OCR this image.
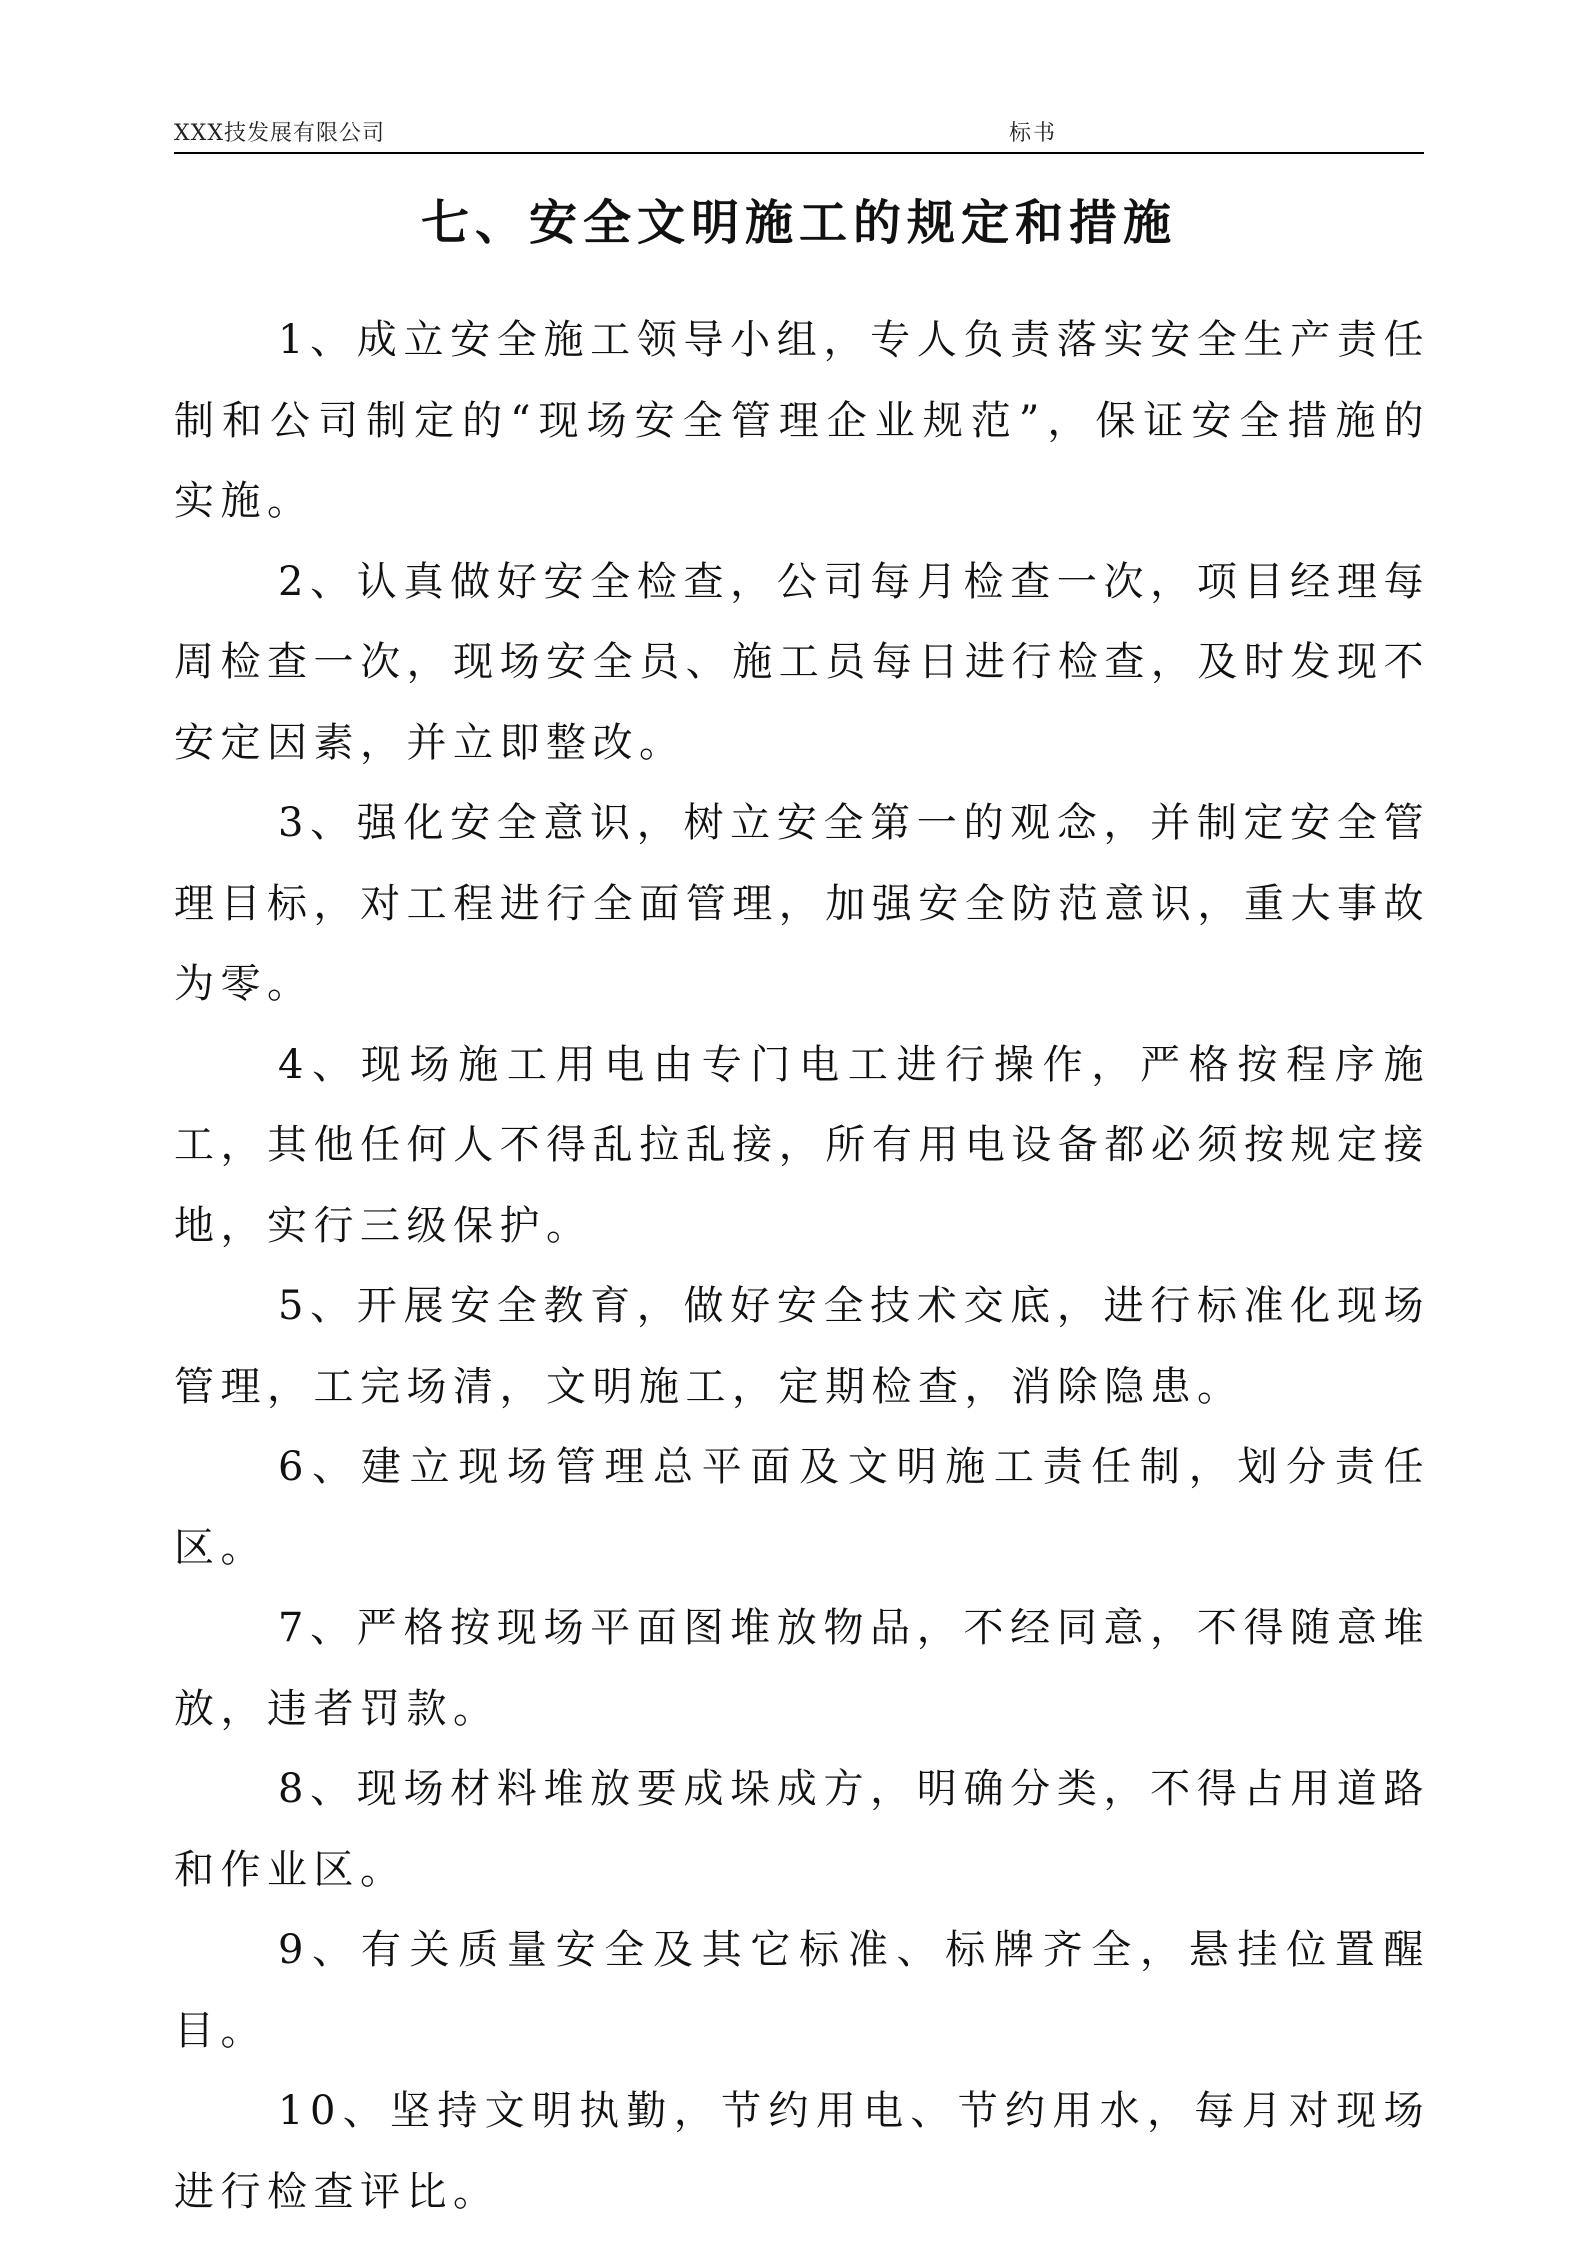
XXX技发展有限公司	标书
七、安全文明施工的规定和措施

1、成立安全施工领导小组，专人负责落实安全生产责任制和公司制定的“现场安全管理企业规范”，保证安全措施的实施。

2、认真做好安全检查，公司每月检查一次，项目经理每周检查一次，现场安全员、施工员每日进行检查，及时发现不安定因素，并立即整改。

3、强化安全意识，树立安全第一的观念，并制定安全管理目标，对工程进行全面管理，加强安全防范意识，重大事故为零。

4、现场施工用电由专门电工进行操作，严格按程序施工，其他任何人不得乱拉乱接，所有用电设备都必须按规定接地，实行三级保护。

5、开展安全教育，做好安全技术交底，进行标准化现场管理，工完场清，文明施工，定期检查，消除隐患。

6、建立现场管理总平面及文明施工责任制，划分责任区。

7、严格按现场平面图堆放物品，不经同意，不得随意堆放，违者罚款。

8、现场材料堆放要成垛成方，明确分类，不得占用道路和作业区。

9、有关质量安全及其它标准、标牌齐全，悬挂位置醒目。

10、坚持文明执勤，节约用电、节约用水，每月对现场进行检查评比。
